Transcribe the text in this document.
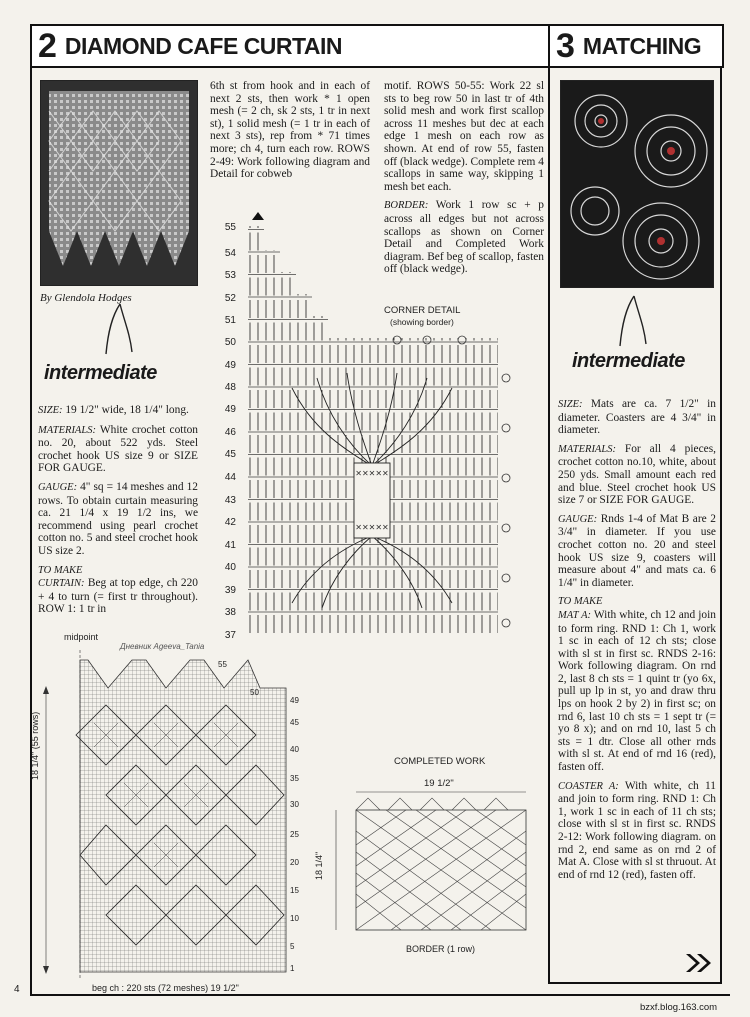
2 DIAMOND CAFE CURTAIN	3 MATCHING
By Glendola Hodges
intermediate

SIZE: 19 1/2" wide, 18 1/4" long.

MATERIALS: White crochet cotton no. 20, about 522 yds. Steel crochet hook US size 9 or SIZE FOR GAUGE.

GAUGE: 4" sq = 14 meshes and 12 rows. To obtain curtain measuring ca. 21 1/4 x 19 1/2 ins, we recommend using pearl crochet cotton no. 5 and steel crochet hook US size 2.

TO MAKE
CURTAIN: Beg at top edge, ch 220 + 4 to turn (= first tr throughout). ROW 1: 1 tr in

6th st from hook and in each of next 2 sts, then work * 1 open mesh (= 2 ch, sk 2 sts, 1 tr in next st), 1 solid mesh (= 1 tr in each of next 3 sts), rep from * 71 times more; ch 4, turn each row. ROWS 2-49: Work following diagram and Detail for cobweb

motif. ROWS 50-55: Work 22 sl sts to beg row 50 in last tr of 4th solid mesh and work first scallop across 11 meshes but dec at each edge 1 mesh on each row as shown. At end of row 55, fasten off (black wedge). Complete rem 4 scallops in same way, skipping 1 mesh bet each.

BORDER: Work 1 row sc + p across all edges but not across scallops as shown on Corner Detail and Completed Work diagram. Bef beg of scallop, fasten off (black wedge).

✕✕✕✕✕
✕✕✕✕✕
55
54
53
52
51
50
49
48
49
46
45
44
43
42
41
40
39
38
37
CORNER DETAIL
(showing border)
midpoint
Дневник Ageeva_Tania
18 1/4" (55 rows)
55
50
49
45
40
35
30
25
20
15
10
5
1
beg ch : 220 sts (72 meshes) 19 1/2"
COMPLETED WORK
19 1/2"
18 1/4"
BORDER (1 row)
intermediate

SIZE: Mats are ca. 7 1/2" in diameter. Coasters are 4 3/4" in diameter.

MATERIALS: For all 4 pieces, crochet cotton no.10, white, about 250 yds. Small amount each red and blue. Steel crochet hook US size 7 or SIZE FOR GAUGE.

GAUGE: Rnds 1-4 of Mat B are 2 3/4" in diameter. If you use crochet cotton no. 20 and steel hook US size 9, coasters will measure about 4" and mats ca. 6 1/4" in diameter.

TO MAKE
MAT A: With white, ch 12 and join to form ring. RND 1: Ch 1, work 1 sc in each of 12 ch sts; close with sl st in first sc. RNDS 2-16: Work following diagram. On rnd 2, last 8 ch sts = 1 quint tr (yo 6x, pull up lp in st, yo and draw thru lps on hook 2 by 2) in first sc; on rnd 6, last 10 ch sts = 1 sept tr (= yo 8 x); and on rnd 10, last 5 ch sts = 1 dtr. Close all other rnds with sl st. At end of rnd 16 (red), fasten off.

COASTER A: With white, ch 11 and join to form ring. RND 1: Ch 1, work 1 sc in each of 11 ch sts; close with sl st in first sc. RNDS 2-12: Work following diagram. on rnd 2, end same as on rnd 2 of Mat A. Close with sl st thruout. At end of rnd 12 (red), fasten off.

4
bzxf.blog.163.com
